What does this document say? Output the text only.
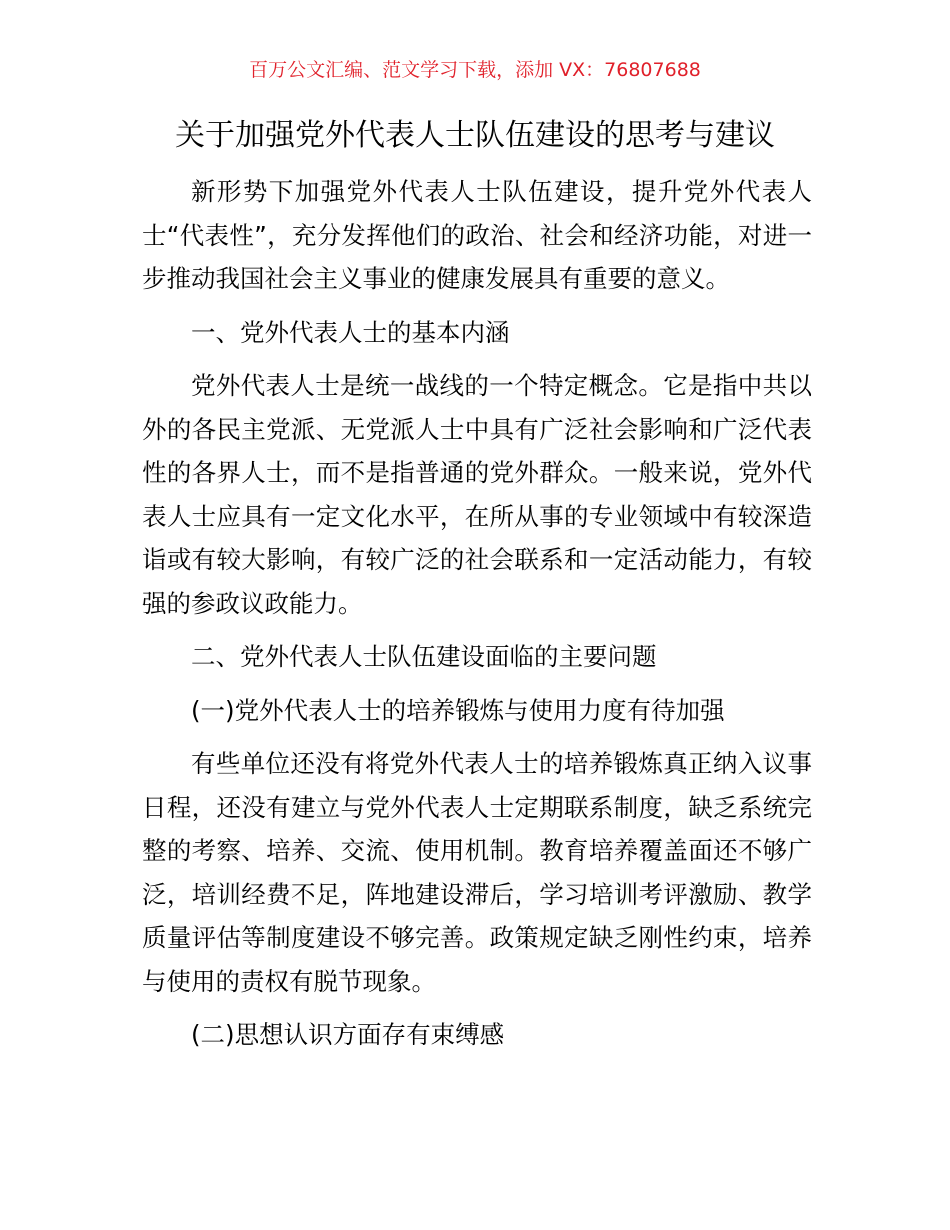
百万公文汇编、范文学习下载，添加 VX：76807688
关于加强党外代表人士队伍建设的思考与建议

新形势下加强党外代表人士队伍建设，提升党外代表人士“代表性”，充分发挥他们的政治、社会和经济功能，对进一步推动我国社会主义事业的健康发展具有重要的意义。

一、党外代表人士的基本内涵

党外代表人士是统一战线的一个特定概念。它是指中共以外的各民主党派、无党派人士中具有广泛社会影响和广泛代表性的各界人士，而不是指普通的党外群众。一般来说，党外代表人士应具有一定文化水平，在所从事的专业领域中有较深造诣或有较大影响，有较广泛的社会联系和一定活动能力，有较强的参政议政能力。

二、党外代表人士队伍建设面临的主要问题
(一)党外代表人士的培养锻炼与使用力度有待加强

有些单位还没有将党外代表人士的培养锻炼真正纳入议事日程，还没有建立与党外代表人士定期联系制度，缺乏系统完整的考察、培养、交流、使用机制。教育培养覆盖面还不够广泛，培训经费不足，阵地建设滞后，学习培训考评激励、教学质量评估等制度建设不够完善。政策规定缺乏刚性约束，培养与使用的责权有脱节现象。

(二)思想认识方面存有束缚感
